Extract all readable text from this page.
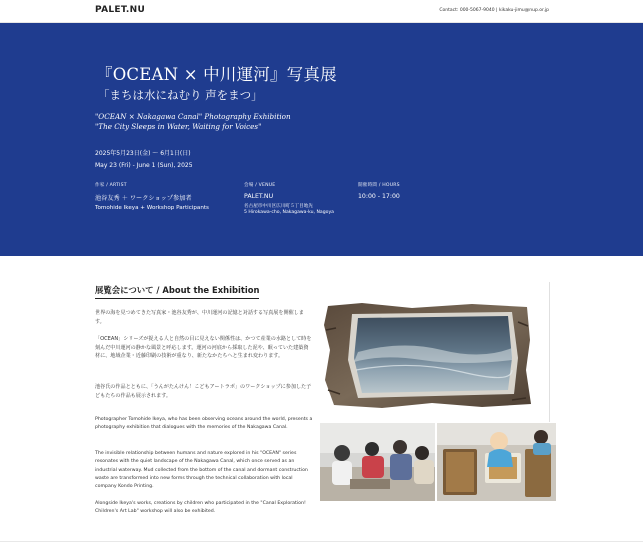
PALET.NU	Contact: 000-5067-9040 | kikaku-jimu@nup.or.jp
『OCEAN × 中川運河』写真展
「まちは水にねむり 声をまつ」
"OCEAN × Nakagawa Canal" Photography Exhibition
"The City Sleeps in Water, Waiting for Voices"
2025年5月23日(金) 〜 6月1日(日)
May 23 (Fri) - June 1 (Sun), 2025
作家 / ARTIST
池谷友秀 ＋ ワークショップ参加者
Tomohide Ikeya + Workshop Participants
会場 / VENUE
PALET.NU
名古屋市中川区広川町５丁目地先
5 Hirokawa-cho, Nakagawa-ku, Nagoya
開催時間 / HOURS
10:00 - 17:00
展覧会について / About the Exhibition

世界の海を見つめてきた写真家・池谷友秀が、中川運河の記憶と対話する写真展を開催します。

「OCEAN」シリーズが捉える人と自然の目に見えない関係性は、かつて産業の水路として時を刻んだ中川運河の静かな風景と呼応します。運河の河底から採取した泥や、眠っていた建築資材に、地域企業・近藤印刷の技術が重なり、新たなかたちへと生まれ変わります。

池谷氏の作品とともに、「うんがたんけん！こどもアートラボ」のワークショップに参加した子どもたちの作品も展示されます。

Photographer Tomohide Ikeya, who has been observing oceans around the world, presents a photography exhibition that dialogues with the memories of the Nakagawa Canal.

The invisible relationship between humans and nature explored in his "OCEAN" series resonates with the quiet landscape of the Nakagawa Canal, which once served as an industrial waterway. Mud collected from the bottom of the canal and dormant construction waste are transformed into new forms through the technical collaboration with local company Kondo Printing.

Alongside Ikeya's works, creations by children who participated in the "Canal Exploration! Children's Art Lab" workshop will also be exhibited.
